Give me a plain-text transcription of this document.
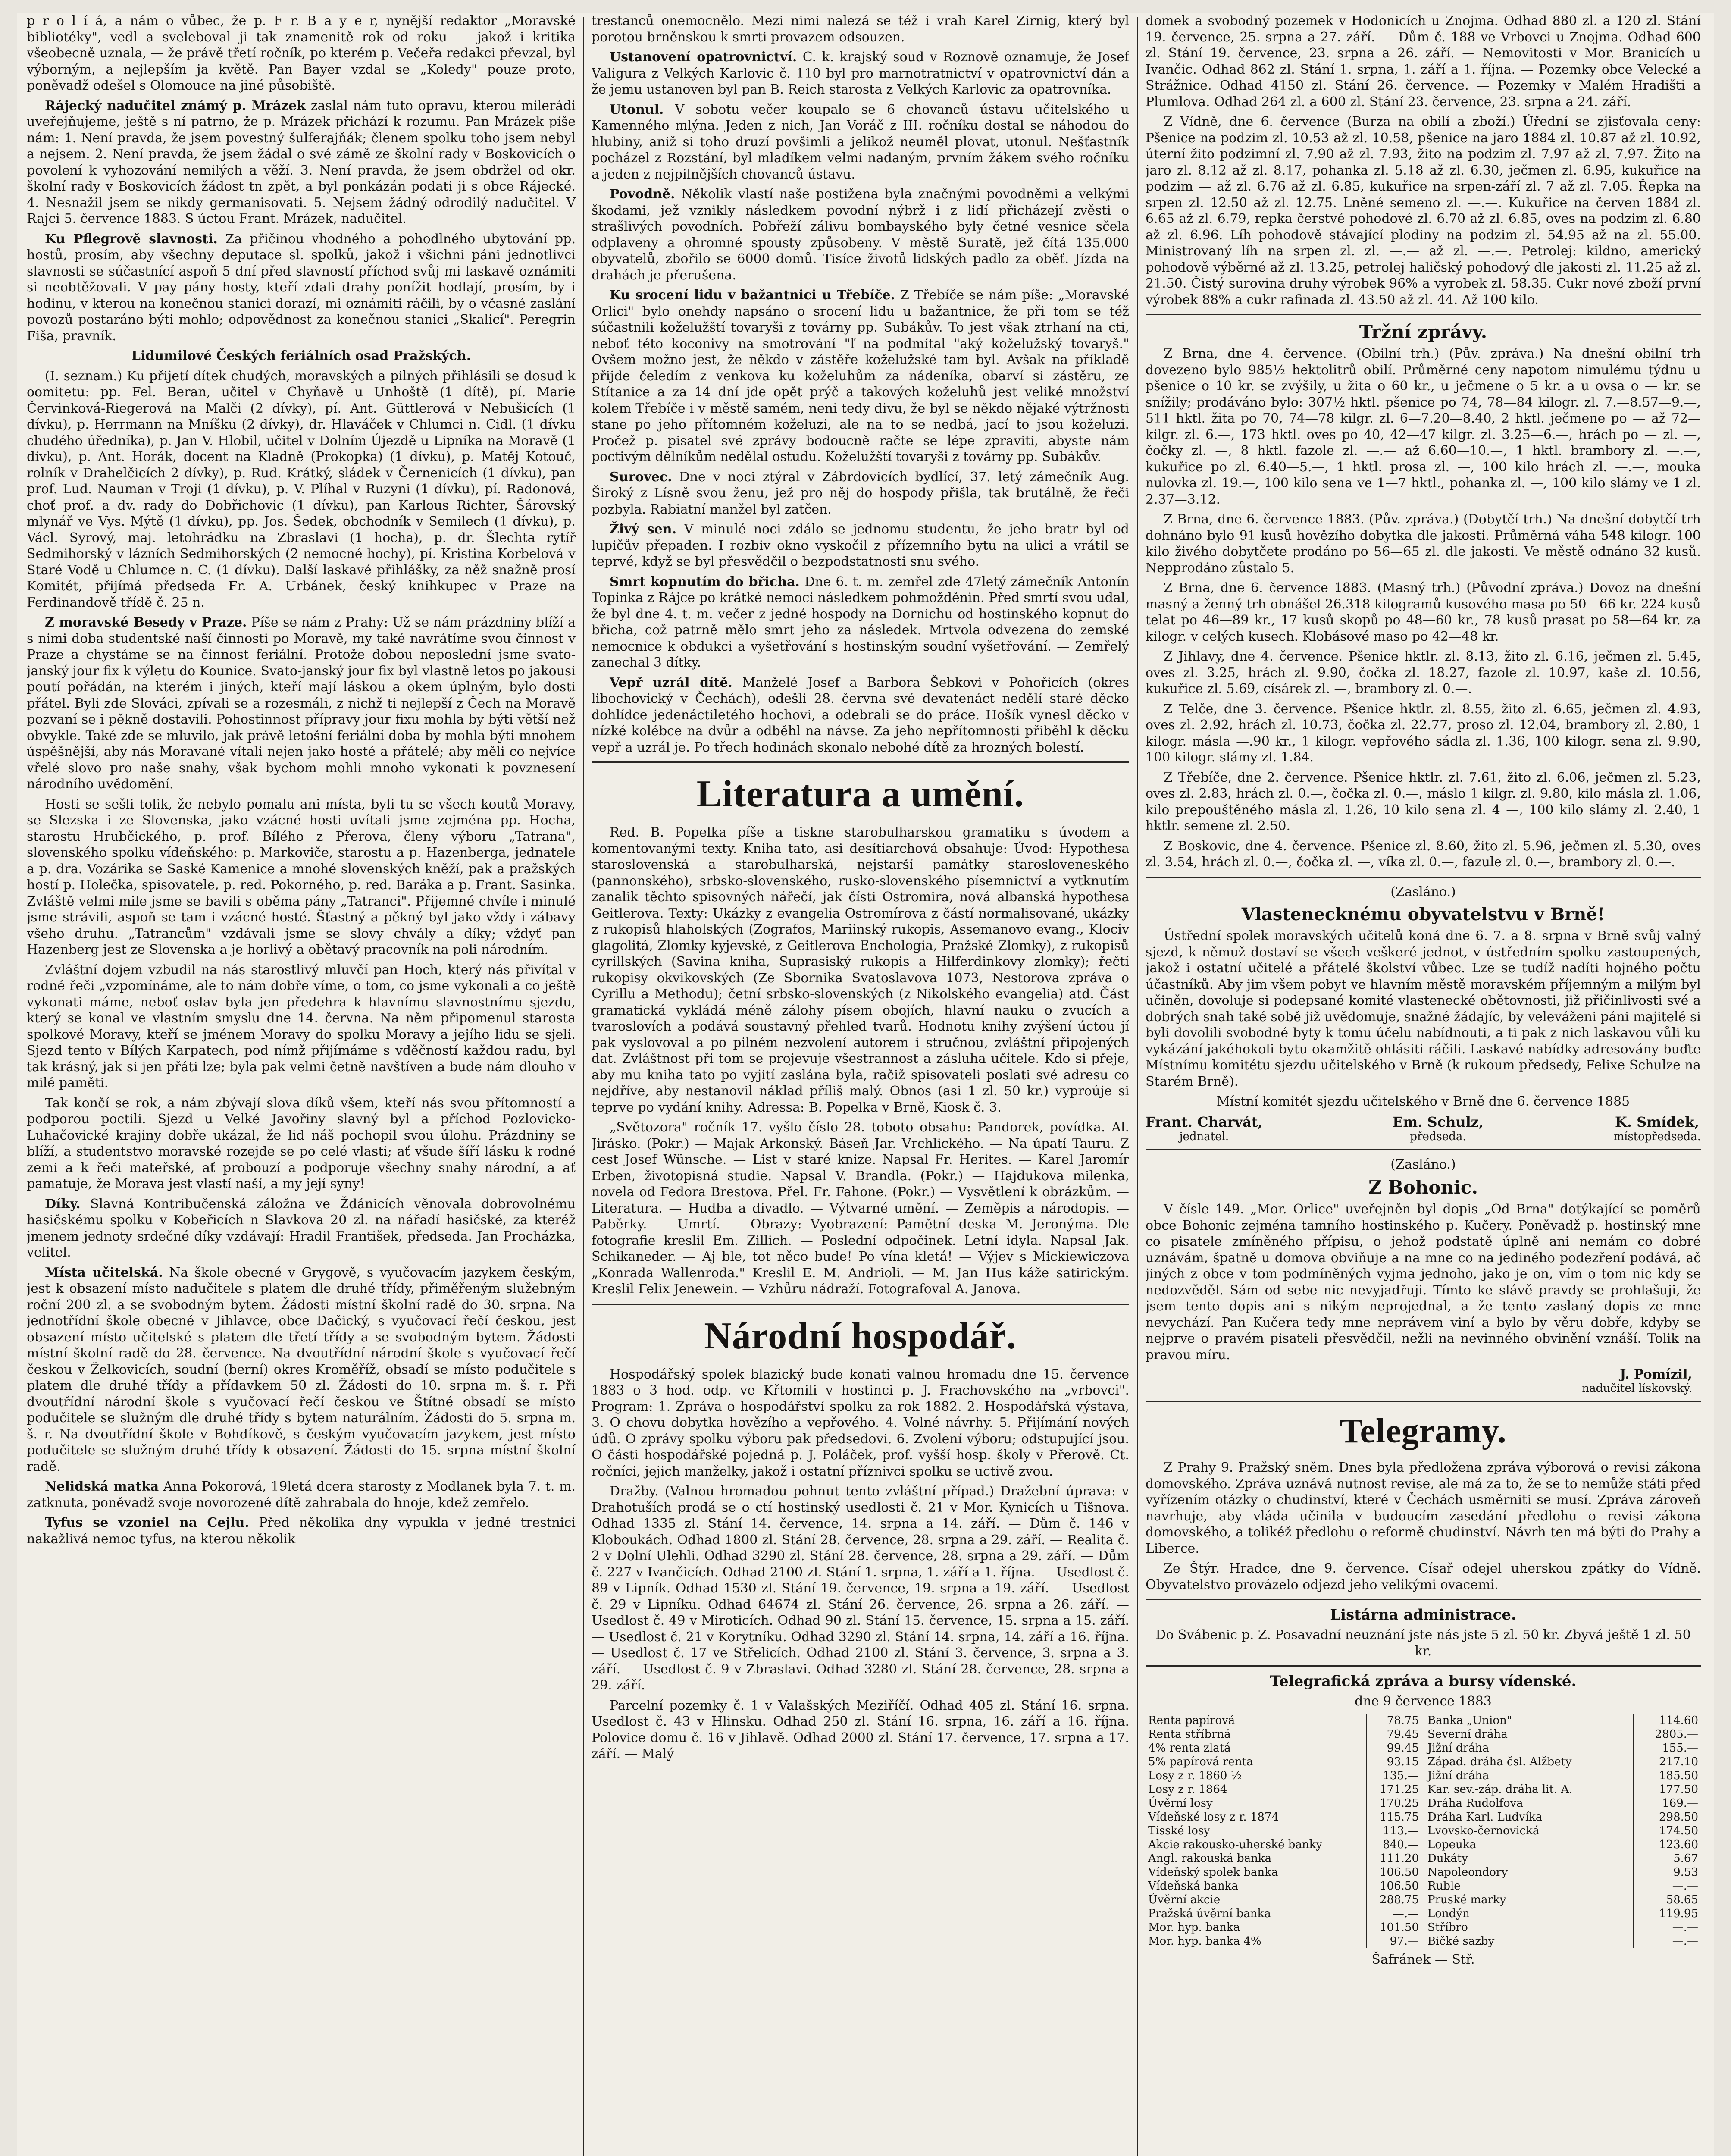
p r o l í á, a nám o vůbec, že p. F r. B a y e r, nynější redaktor „Moravské bibliotéky", vedl a sveleboval ji tak znamenitě rok od roku — jakož i kritika všeobecně uznala, — že právě třetí ročník, po kterém p. Večeřa redakci převzal, byl výborným, a nejlepším ja květě. Pan Bayer vzdal se „Koledy" pouze proto, poněvadž odešel s Olomouce na jiné působiště.

Rájecký nadučitel známý p. Mrázek zaslal nám tuto opravu, kterou milerádi uveřejňujeme, ještě s ní patrno, že p. Mrázek přichází k rozumu. Pan Mrázek píše nám: 1. Není pravda, že jsem povestný šulferajňák; členem spolku toho jsem nebyl a nejsem. 2. Není pravda, že jsem žádal o své zámě ze školní rady v Boskovicích o povolení k vyhozování nemilých a věží. 3. Není pravda, že jsem obdržel od okr. školní rady v Boskovicích žádost tn zpět, a byl ponkázán podati ji s obce Rájecké. 4. Nesnažil jsem se nikdy germanisovati. 5. Nejsem žádný odrodilý nadučitel. V Rajci 5. července 1883. S úctou Frant. Mrázek, nadučitel.

Ku Pflegrově slavnosti. Za přičinou vhodného a pohodlného ubytování pp. hostů, prosím, aby všechny deputace sl. spolků, jakož i všichni páni jednotlivci slavnosti se súčastnící aspoň 5 dní před slavností příchod svůj mi laskavě oznámiti si neobtěžovali. V pay pány hosty, kteří zdali drahy ponížit hodlají, prosím, by i hodinu, v kterou na konečnou stanici dorazí, mi oznámiti ráčili, by o včasné zaslání povozů postaráno býti mohlo; odpovědnost za konečnou stanici „Skalicí". Peregrin Fiša, pravník.

Lidumilové Českých feriálních osad Pražských.

(I. seznam.) Ku přijetí dítek chudých, moravských a pilných přihlásili se dosud k oomitetu: pp. Fel. Beran, učitel v Chyňavě u Unhoště (1 dítě), pí. Marie Červinková-Riegerová na Malči (2 dívky), pí. Ant. Güttlerová v Nebušicích (1 dívku), p. Herrmann na Mníšku (2 dívky), dr. Hlaváček v Chlumci n. Cidl. (1 dívku chudého úředníka), p. Jan V. Hlobil, učitel v Dolním Újezdě u Lipníka na Moravě (1 dívku), p. Ant. Horák, docent na Kladně (Prokopka) (1 dívku), p. Matěj Kotouč, rolník v Drahelčicích 2 dívky), p. Rud. Krátký, sládek v Černenicích (1 dívku), pan prof. Lud. Nauman v Troji (1 dívku), p. V. Plíhal v Ruzyni (1 dívku), pí. Radonová, choť prof. a dv. rady do Dobřichovic (1 dívku), pan Karlous Richter, Šárovský mlynář ve Vys. Mýtě (1 dívku), pp. Jos. Šedek, obchodník v Semilech (1 dívku), p. Václ. Syrový, maj. letohrádku na Zbraslavi (1 hocha), p. dr. Šlechta rytíř Sedmihorský v lázních Sedmihorských (2 nemocné hochy), pí. Kristina Korbelová v Staré Vodě u Chlumce n. C. (1 dívku). Další laskavé přihlášky, za něž snažně prosí Komitét, přijímá předseda Fr. A. Urbánek, český knihkupec v Praze na Ferdinandově třídě č. 25 n.

Z moravské Besedy v Praze. Píše se nám z Prahy: Už se nám prázdniny blíží a s nimi doba studentské naší činnosti po Moravě, my také navrátíme svou činnost v Praze a chystáme se na činnost feriální. Protože dobou neposlední jsme svato-janský jour fix k výletu do Kounice. Svato-janský jour fix byl vlastně letos po jakousi poutí pořádán, na kterém i jiných, kteří mají láskou a okem úplným, bylo dosti přátel. Byli zde Slováci, zpívali se a rozesmáli, z nichž ti nejlepší z Čech na Moravě pozvaní se i pěkně dostavili. Pohostinnost přípravy jour fixu mohla by býti větší než obvykle. Také zde se mluvilo, jak právě letošní feriální doba by mohla býti mnohem úspěšnější, aby nás Moravané vítali nejen jako hosté a přátelé; aby měli co nejvíce vřelé slovo pro naše snahy, však bychom mohli mnoho vykonati k povznesení národního uvědomění.

Hosti se sešli tolik, že nebylo pomalu ani místa, byli tu se všech koutů Moravy, se Slezska i ze Slovenska, jako vzácné hosti uvítali jsme zejména pp. Hocha, starostu Hrubčického, p. prof. Bílého z Přerova, členy výboru „Tatrana", slovenského spolku vídeňského: p. Markoviče, starostu a p. Hazenberga, jednatele a p. dra. Vozárika se Saské Kamenice a mnohé slovenských kněží, pak a pražských hostí p. Holečka, spisovatele, p. red. Pokorného, p. red. Baráka a p. Frant. Sasinka. Zvláště velmi mile jsme se bavili s oběma pány „Tatranci". Přijemné chvíle i minulé jsme strávili, aspoň se tam i vzácné hosté. Šťastný a pěkný byl jako vždy i zábavy všeho druhu. „Tatrancům" vzdávali jsme se slovy chvály a díky; vždyť pan Hazenberg jest ze Slovenska a je horlivý a obětavý pracovník na poli národním.

Zvláštní dojem vzbudil na nás starostlivý mluvčí pan Hoch, který nás přivítal v rodné řeči „vzpomínáme, ale to nám dobře víme, o tom, co jsme vykonali a co ještě vykonati máme, neboť oslav byla jen předehra k hlavnímu slavnostnímu sjezdu, který se konal ve vlastním smyslu dne 14. června. Na něm připomenul starosta spolkové Moravy, kteří se jménem Moravy do spolku Moravy a jejího lidu se sjeli. Sjezd tento v Bílých Karpatech, pod nímž přijímáme s vděčností každou radu, byl tak krásný, jak si jen přáti lze; byla pak velmi četně navštíven a bude nám dlouho v milé paměti.

Tak končí se rok, a nám zbývají slova díků všem, kteří nás svou přítomností a podporou poctili. Sjezd u Velké Javořiny slavný byl a příchod Pozlovicko-Luhačovické krajiny dobře ukázal, že lid náš pochopil svou úlohu. Prázdniny se blíží, a studentstvo moravské rozejde se po celé vlasti; ať všude šíří lásku k rodné zemi a k řeči mateřské, ať probouzí a podporuje všechny snahy národní, a ať pamatuje, že Morava jest vlastí naší, a my její syny!

Díky. Slavná Kontribučenská záložna ve Ždánicích věnovala dobrovolnému hasičskému spolku v Kobeřicích n Slavkova 20 zl. na nářadí hasičské, za kteréž jmenem jednoty srdečné díky vzdávají: Hradil František, předseda. Jan Procházka, velitel.

Místa učitelská. Na škole obecné v Grygově, s vyučovacím jazykem českým, jest k obsazení místo nadučitele s platem dle druhé třídy, přiměřeným služebným roční 200 zl. a se svobodným bytem. Žádosti místní školní radě do 30. srpna. Na jednotřídní škole obecné v Jihlavce, obce Dačický, s vyučovací řečí českou, jest obsazení místo učitelské s platem dle třetí třídy a se svobodným bytem. Žádosti místní školní radě do 28. července. Na dvoutřídní národní škole s vyučovací řečí českou v Želkovicích, soudní (berní) okres Kroměříž, obsadí se místo podučitele s platem dle druhé třídy a přídavkem 50 zl. Žádosti do 10. srpna m. š. r. Při dvoutřídní národní škole s vyučovací řečí českou ve Štítné obsadí se místo podučitele se služným dle druhé třídy s bytem naturálním. Žádosti do 5. srpna m. š. r. Na dvoutřídní škole v Bohdíkově, s českým vyučovacím jazykem, jest místo podučitele se služným druhé třídy k obsazení. Žádosti do 15. srpna místní školní radě.

Nelidská matka Anna Pokorová, 19letá dcera starosty z Modlanek byla 7. t. m. zatknuta, poněvadž svoje novorozené dítě zahrabala do hnoje, kdež zemřelo.

Tyfus se vzoniel na Cejlu. Před několika dny vypukla v jedné trestnici nakažlivá nemoc tyfus, na kterou několik

trestanců onemocnělo. Mezi nimi nalezá se též i vrah Karel Zirnig, který byl porotou brněnskou k smrti provazem odsouzen.

Ustanovení opatrovnictví. C. k. krajský soud v Roznově oznamuje, že Josef Valigura z Velkých Karlovic č. 110 byl pro marnotratnictví v opatrovnictví dán a že jemu ustanoven byl pan B. Reich starosta z Velkých Karlovic za opatrovníka.

Utonul. V sobotu večer koupalo se 6 chovanců ústavu učitelského u Kamenného mlýna. Jeden z nich, Jan Voráč z III. ročníku dostal se náhodou do hlubiny, aniž si toho druzí povšimli a jelikož neuměl plovat, utonul. Nešťastník pocházel z Rozstání, byl mladíkem velmi nadaným, prvním žákem svého ročníku a jeden z nejpilnějších chovanců ústavu.

Povodně. Několik vlastí naše postižena byla značnými povodněmi a velkými škodami, jež vznikly následkem povodní nýbrž i z lidí přicházejí zvěsti o strašlivých povodních. Pobřeží zálivu bombayského byly četné vesnice sčela odplaveny a ohromné spousty způsobeny. V městě Suratě, jež čítá 135.000 obyvatelů, zbořilo se 6000 domů. Tisíce životů lidských padlo za oběť. Jízda na drahách je přerušena.

Ku srocení lidu v bažantnici u Třebíče. Z Třebíče se nám píše: „Moravské Orlici" bylo onehdy napsáno o srocení lidu u bažantnice, že při tom se též súčastnili koželužští tovaryši z továrny pp. Subákův. To jest však ztrhaní na cti, neboť této koconivy na smotrování "ľ na podmítal "aký koželužský tovaryš." Ovšem možno jest, že někdo v zástěře koželužské tam byl. Avšak na příkladě přijde čeledím z venkova ku koželuhům za nádeníka, obarví si zástěru, ze Stítanice a za 14 dní jde opět prýč a takových koželuhů jest veliké množství kolem Třebíče i v městě samém, neni tedy divu, že byl se někdo nějaké výtržnosti stane po jeho přítomném koželuzi, ale na to se nedbá, jací to jsou koželuzi. Pročež p. pisatel své zprávy bodoucně račte se lépe zpraviti, abyste nám poctivým dělníkům nedělal ostudu. Koželužští tovaryši z továrny pp. Subákův.

Surovec. Dne v noci ztýral v Zábrdovicích bydlící, 37. letý zámečník Aug. Široký z Lísně svou ženu, jež pro něj do hospody přišla, tak brutálně, že řeči pozbyla. Rabiatní manžel byl zatčen.

Živý sen. V minulé noci zdálo se jednomu studentu, že jeho bratr byl od lupičův přepaden. I rozbiv okno vyskočil z přízemního bytu na ulici a vrátil se teprvé, když se byl přesvědčil o bezpodstatnosti snu svého.

Smrt kopnutím do břicha. Dne 6. t. m. zemřel zde 47letý zámečník Antonín Topinka z Rájce po krátké nemoci následkem pohmožděnin. Před smrtí svou udal, že byl dne 4. t. m. večer z jedné hospody na Dornichu od hostinského kopnut do břicha, což patrně mělo smrt jeho za následek. Mrtvola odvezena do zemské nemocnice k obdukci a vyšetřování s hostinským soudní vyšetřování. — Zemřelý zanechal 3 dítky.

Vepř uzrál dítě. Manželé Josef a Barbora Šebkovi v Pohořicích (okres libochovický v Čechách), odešli 28. června své devatenáct nedělí staré děcko dohlídce jedenáctiletého hochovi, a odebrali se do práce. Hošík vynesl děcko v nízké kolébce na dvůr a odběhl na návse. Za jeho nepřítomnosti přiběhl k děcku vepř a uzrál je. Po třech hodinách skonalo nebohé dítě za hrozných bolestí.

Literatura a umění.

Red. B. Popelka píše a tiskne starobulharskou gramatiku s úvodem a komentovanými texty. Kniha tato, asi desítiarchová obsahuje: Úvod: Hypothesa staroslovenská a starobulharská, nejstarší památky starosloveneského (pannonského), srbsko-slovenského, rusko-slovenského písemnictví a vytknutím zanalik těchto spisovných nářečí, jak čísti Ostromira, nová albanská hypothesa Geitlerova. Texty: Ukázky z evangelia Ostromírova z částí normalisované, ukázky z rukopisů hlaholských (Zografos, Mariinský rukopis, Assemanovo evang., Klociv glagolitá, Zlomky kyjevské, z Geitlerova Enchologia, Pražské Zlomky), z rukopisů cyrillských (Savina kniha, Suprasiský rukopis a Hilferdinkovy zlomky); řečtí rukopisy okvikovských (Ze Sbornika Svatoslavova 1073, Nestorova zpráva o Cyrillu a Methodu); četní srbsko-slovenských (z Nikolského evangelia) atd. Část gramatická vykládá méně zálohy písem obojích, hlavní nauku o zvucích a tvaroslovích a podává soustavný přehled tvarů. Hodnotu knihy zvýšení úctou jí pak vyslovoval a po pilném nezvolení autorem i stručnou, zvláštní připojených dat. Zvláštnost při tom se projevuje všestrannost a zásluha učitele. Kdo si přeje, aby mu kniha tato po vyjití zaslána byla, račiž spisovateli poslati své adresu co nejdříve, aby nestanovil náklad příliš malý. Obnos (asi 1 zl. 50 kr.) vyproúje si teprve po vydání knihy. Adressa: B. Popelka v Brně, Kiosk č. 3.

„Světozora" ročník 17. vyšlo číslo 28. toboto obsahu: Pandorek, povídka. Al. Jirásko. (Pokr.) — Majak Arkonský. Báseň Jar. Vrchlického. — Na úpatí Tauru. Z cest Josef Wünsche. — List v staré knize. Napsal Fr. Herites. — Karel Jaromír Erben, životopisná studie. Napsal V. Brandla. (Pokr.) — Hajdukova milenka, novela od Fedora Brestova. Přel. Fr. Fahone. (Pokr.) — Vysvětlení k obrázkům. — Literatura. — Hudba a divadlo. — Výtvarné umění. — Zeměpis a národopis. — Paběrky. — Umrtí. — Obrazy: Vyobrazení: Pamětní deska M. Jeronýma. Dle fotografie kreslil Em. Zillich. — Poslední odpočinek. Letní idyla. Napsal Jak. Schikaneder. — Aj ble, tot něco bude! Po vína kletá! — Výjev s Mickiewiczova „Konrada Wallenroda." Kreslil E. M. Andrioli. — M. Jan Hus káže satirickým. Kreslil Felix Jenewein. — Vzhůru nádraží. Fotografoval A. Janova.

Národní hospodář.

Hospodářský spolek blazický bude konati valnou hromadu dne 15. července 1883 o 3 hod. odp. ve Křtomili v hostinci p. J. Frachovského na „vrbovci". Program: 1. Zpráva o hospodářství spolku za rok 1882. 2. Hospodářská výstava, 3. O chovu dobytka hovězího a vepřového. 4. Volné návrhy. 5. Přijímání nových údů. O zprávy spolku výboru pak předsedovi. 6. Zvolení výboru; odstupující jsou. O části hospodářské pojedná p. J. Poláček, prof. vyšší hosp. školy v Přerově. Ct. ročníci, jejich manželky, jakož i ostatní příznivci spolku se uctivě zvou.

Dražby. (Valnou hromadou pohnut tento zvláštní případ.) Dražební úprava: v Drahotuších prodá se o ctí hostinský usedlosti č. 21 v Mor. Kynicích u Tišnova. Odhad 1335 zl. Stání 14. července, 14. srpna a 14. září. — Dům č. 146 v Kloboukách. Odhad 1800 zl. Stání 28. července, 28. srpna a 29. září. — Realita č. 2 v Dolní Ulehli. Odhad 3290 zl. Stání 28. července, 28. srpna a 29. září. — Dům č. 227 v Ivančicích. Odhad 2100 zl. Stání 1. srpna, 1. září a 1. října. — Usedlost č. 89 v Lipník. Odhad 1530 zl. Stání 19. července, 19. srpna a 19. září. — Usedlost č. 29 v Lipníku. Odhad 64674 zl. Stání 26. července, 26. srpna a 26. září. — Usedlost č. 49 v Miroticích. Odhad 90 zl. Stání 15. července, 15. srpna a 15. září. — Usedlost č. 21 v Korytníku. Odhad 3290 zl. Stání 14. srpna, 14. září a 16. října. — Usedlost č. 17 ve Střelicích. Odhad 2100 zl. Stání 3. července, 3. srpna a 3. září. — Usedlost č. 9 v Zbraslavi. Odhad 3280 zl. Stání 28. července, 28. srpna a 29. září.

Parcelní pozemky č. 1 v Valašských Meziříčí. Odhad 405 zl. Stání 16. srpna. Usedlost č. 43 v Hlinsku. Odhad 250 zl. Stání 16. srpna, 16. září a 16. října. Polovice domu č. 16 v Jihlavě. Odhad 2000 zl. Stání 17. července, 17. srpna a 17. září. — Malý

domek a svobodný pozemek v Hodonicích u Znojma. Odhad 880 zl. a 120 zl. Stání 19. července, 25. srpna a 27. září. — Dům č. 188 ve Vrbovci u Znojma. Odhad 600 zl. Stání 19. července, 23. srpna a 26. září. — Nemovitosti v Mor. Branicích u Ivančic. Odhad 862 zl. Stání 1. srpna, 1. září a 1. října. — Pozemky obce Velecké a Strážnice. Odhad 4150 zl. Stání 26. července. — Pozemky v Malém Hradišti a Plumlova. Odhad 264 zl. a 600 zl. Stání 23. července, 23. srpna a 24. září.

Z Vídně, dne 6. července (Burza na obilí a zboží.) Úřední se zjisťovala ceny: Pšenice na podzim zl. 10.53 až zl. 10.58, pšenice na jaro 1884 zl. 10.87 až zl. 10.92, úterní žito podzimní zl. 7.90 až zl. 7.93, žito na podzim zl. 7.97 až zl. 7.97. Žito na jaro zl. 8.12 až zl. 8.17, pohanka zl. 5.18 až zl. 6.30, ječmen zl. 6.95, kukuřice na podzim — až zl. 6.76 až zl. 6.85, kukuřice na srpen-září zl. 7 až zl. 7.05. Řepka na srpen zl. 12.50 až zl. 12.75. Lněné semeno zl. —.—. Kukuřice na červen 1884 zl. 6.65 až zl. 6.79, repka čerstvé pohodové zl. 6.70 až zl. 6.85, oves na podzim zl. 6.80 až zl. 6.96. Líh pohodově stávající plodiny na podzim zl. 54.95 až na zl. 55.00. Ministrovaný líh na srpen zl. zl. —.— až zl. —.—. Petrolej: kildno, americký pohodově výběrné až zl. 13.25, petrolej haličský pohodový dle jakosti zl. 11.25 až zl. 21.50. Čistý surovina druhy výrobek 96% a vyrobek zl. 58.35. Cukr nové zboží první výrobek 88% a cukr rafinada zl. 43.50 až zl. 44. Až 100 kilo.

Tržní zprávy.

Z Brna, dne 4. července. (Obilní trh.) (Pův. zpráva.) Na dnešní obilní trh dovezeno bylo 985½ hektolitrů obilí. Průměrné ceny napotom nimulému týdnu u pšenice o 10 kr. se zvýšily, u žita o 60 kr., u ječmene o 5 kr. a u ovsa o — kr. se snížily; prodáváno bylo: 307½ hktl. pšenice po 74, 78—84 kilogr. zl. 7.—8.57—9.—, 511 hktl. žita po 70, 74—78 kilgr. zl. 6—7.20—8.40, 2 hktl. ječmene po — až 72— kilgr. zl. 6.—, 173 hktl. oves po 40, 42—47 kilgr. zl. 3.25—6.—, hrách po — zl. —, čočky zl. —, 8 hktl. fazole zl. —.— až 6.60—10.—, 1 hktl. brambory zl. —.—, kukuřice po zl. 6.40—5.—, 1 hktl. prosa zl. —, 100 kilo hrách zl. —.—, mouka nulovka zl. 19.—, 100 kilo sena ve 1—7 hktl., pohanka zl. —, 100 kilo slámy ve 1 zl. 2.37—3.12.

Z Brna, dne 6. července 1883. (Pův. zpráva.) (Dobytčí trh.) Na dnešní dobytčí trh dohnáno bylo 91 kusů hovězího dobytka dle jakosti. Průměrná váha 548 kilogr. 100 kilo živého dobytčete prodáno po 56—65 zl. dle jakosti. Ve městě odnáno 32 kusů. Nepprodáno zůstalo 5.

Z Brna, dne 6. července 1883. (Masný trh.) (Původní zpráva.) Dovoz na dnešní masný a ženný trh obnášel 26.318 kilogramů kusového masa po 50—66 kr. 224 kusů telat po 46—89 kr., 17 kusů skopů po 48—60 kr., 78 kusů prasat po 58—64 kr. za kilogr. v celých kusech. Klobásové maso po 42—48 kr.

Z Jihlavy, dne 4. července. Pšenice hktlr. zl. 8.13, žito zl. 6.16, ječmen zl. 5.45, oves zl. 3.25, hrách zl. 9.90, čočka zl. 18.27, fazole zl. 10.97, kaše zl. 10.56, kukuřice zl. 5.69, císárek zl. —, brambory zl. 0.—.

Z Telče, dne 3. července. Pšenice hktlr. zl. 8.55, žito zl. 6.65, ječmen zl. 4.93, oves zl. 2.92, hrách zl. 10.73, čočka zl. 22.77, proso zl. 12.04, brambory zl. 2.80, 1 kilogr. másla —.90 kr., 1 kilogr. vepřového sádla zl. 1.36, 100 kilogr. sena zl. 9.90, 100 kilogr. slámy zl. 1.84.

Z Třebíče, dne 2. července. Pšenice hktlr. zl. 7.61, žito zl. 6.06, ječmen zl. 5.23, oves zl. 2.83, hrách zl. 0.—, čočka zl. 0.—, máslo 1 kilgr. zl. 9.80, kilo másla zl. 1.06, kilo prepouštěného másla zl. 1.26, 10 kilo sena zl. 4 —, 100 kilo slámy zl. 2.40, 1 hktlr. semene zl. 2.50.

Z Boskovic, dne 4. července. Pšenice zl. 8.60, žito zl. 5.96, ječmen zl. 5.30, oves zl. 3.54, hrách zl. 0.—, čočka zl. —, víka zl. 0.—, fazule zl. 0.—, brambory zl. 0.—.

(Zasláno.)

Vlastenecknému obyvatelstvu v Brně!

Ústřední spolek moravských učitelů koná dne 6. 7. a 8. srpna v Brně svůj valný sjezd, k němuž dostaví se všech veškeré jednot, v ústředním spolku zastoupených, jakož i ostatní učitelé a přátelé školství vůbec. Lze se tudíž nadíti hojného počtu účastníků. Aby jim všem pobyt ve hlavním městě moravském příjemným a milým byl učiněn, dovoluje si podepsané komité vlastenecké obětovnosti, již přičinlivosti své a dobrých snah také sobě již uvědomuje, snažné žádajíc, by veleváženi páni majitelé si byli dovolili svobodné byty k tomu účelu nabídnouti, a ti pak z nich laskavou vůli ku vykázání jakéhokoli bytu okamžitě ohlásiti ráčili. Laskavé nabídky adresovány buďte Místnímu komitétu sjezdu učitelského v Brně (k rukoum předsedy, Felixe Schulze na Starém Brně).

Místní komitét sjezdu učitelského v Brně dne 6. července 1885

Frant. Charvát,
jednatel.
Em. Schulz,
předseda.
K. Smídek,
místopředseda.

(Zasláno.)

Z Bohonic.

V čísle 149. „Mor. Orlice" uveřejněn byl dopis „Od Brna" dotýkající se poměrů obce Bohonic zejména tamního hostinského p. Kučery. Poněvadž p. hostinský mne co pisatele zmíněného přípisu, o jehož podstatě úplně ani nemám co dobré uznávám, špatně u domova obviňuje a na mne co na jediného podezření podává, ač jiných z obce v tom podmíněných vyjma jednoho, jako je on, vím o tom nic kdy se nedozvěděl. Sám od sebe nic nevyjadřuji. Tímto ke slávě pravdy se prohlašuji, že jsem tento dopis ani s nikým neprojednal, a že tento zaslaný dopis ze mne nevychází. Pan Kučera tedy mne neprávem viní a bylo by věru dobře, kdyby se nejprve o pravém pisateli přesvědčil, nežli na nevinného obvinění vznáší. Tolik na pravou míru.

J. Pomízil,
nadučitel lískovský.
Telegramy.

Z Prahy 9. Pražský sněm. Dnes byla předložena zpráva výborová o revisi zákona domovského. Zpráva uznává nutnost revise, ale má za to, že se to nemůže státi před vyřízením otázky o chudinství, které v Čechách usměrniti se musí. Zpráva zároveň navrhuje, aby vláda učinila v budoucím zasedání předlohu o revisi zákona domovského, a tolikéž předlohu o reformě chudinství. Návrh ten má býti do Prahy a Liberce.

Ze Štýr. Hradce, dne 9. července. Císař odejel uherskou zpátky do Vídně. Obyvatelstvo provázelo odjezd jeho velikými ovacemi.

Listárna administrace.

Do Svábenic p. Z. Posavadní neuznání jste nás jste 5 zl. 50 kr. Zbyvá ještě 1 zl. 50 kr.

Telegrafická zpráva a bursy vídenské.

dne 9 července 1883

Renta papírová	78.75
Renta stříbrná	79.45
4% renta zlatá	99.45
5% papírová renta	93.15
Losy z r. 1860 ½	135.—
Losy z r. 1864	171.25
Úvěrní losy	170.25
Vídeňské losy z r. 1874	115.75
Tisské losy	113.—
Akcie rakousko-uherské banky	840.—
Angl. rakouská banka	111.20
Vídeňský spolek banka	106.50
Vídeňská banka	106.50
Úvěrní akcie	288.75
Pražská úvěrní banka	—.—
Mor. hyp. banka	101.50
Mor. hyp. banka 4%	97.—
Banka „Union"	114.60
Severní dráha	2805.—
Jižní dráha	155.—
Západ. dráha čsl. Alžbety	217.10
Jižní dráha	185.50
Kar. sev.-záp. dráha lit. A.	177.50
Dráha Rudolfova	169.—
Dráha Karl. Ludvíka	298.50
Lvovsko-černovická	174.50
Lopeuka	123.60
Dukáty	5.67
Napoleondory	9.53
Ruble	—.—
Pruské marky	58.65
Londýn	119.95
Stříbro	—.—
Bičké sazby	—.—

Šafránek — Stř.
